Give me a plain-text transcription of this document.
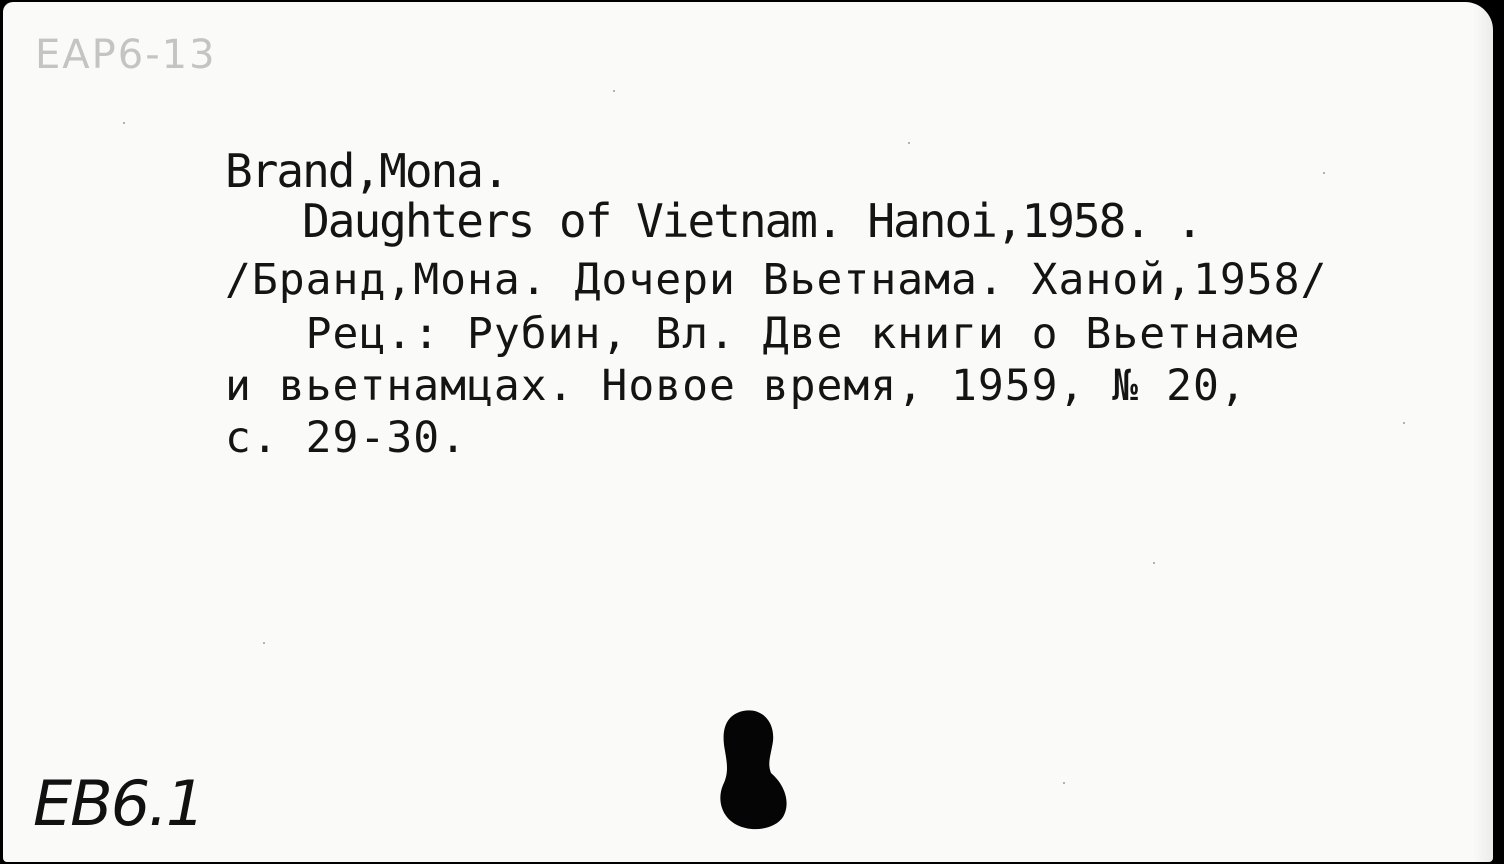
ЕАР6-13
Brand,Mona.
Daughters of Vietnam. Hanoi,1958. .
/Бранд,Мона. Дочери Вьетнама. Ханой,1958/
Рец.: Рубин, Вл. Две книги о Вьетнаме
и вьетнамцах. Новое время, 1959, № 20,
с. 29-30.
ЕВ6.1
